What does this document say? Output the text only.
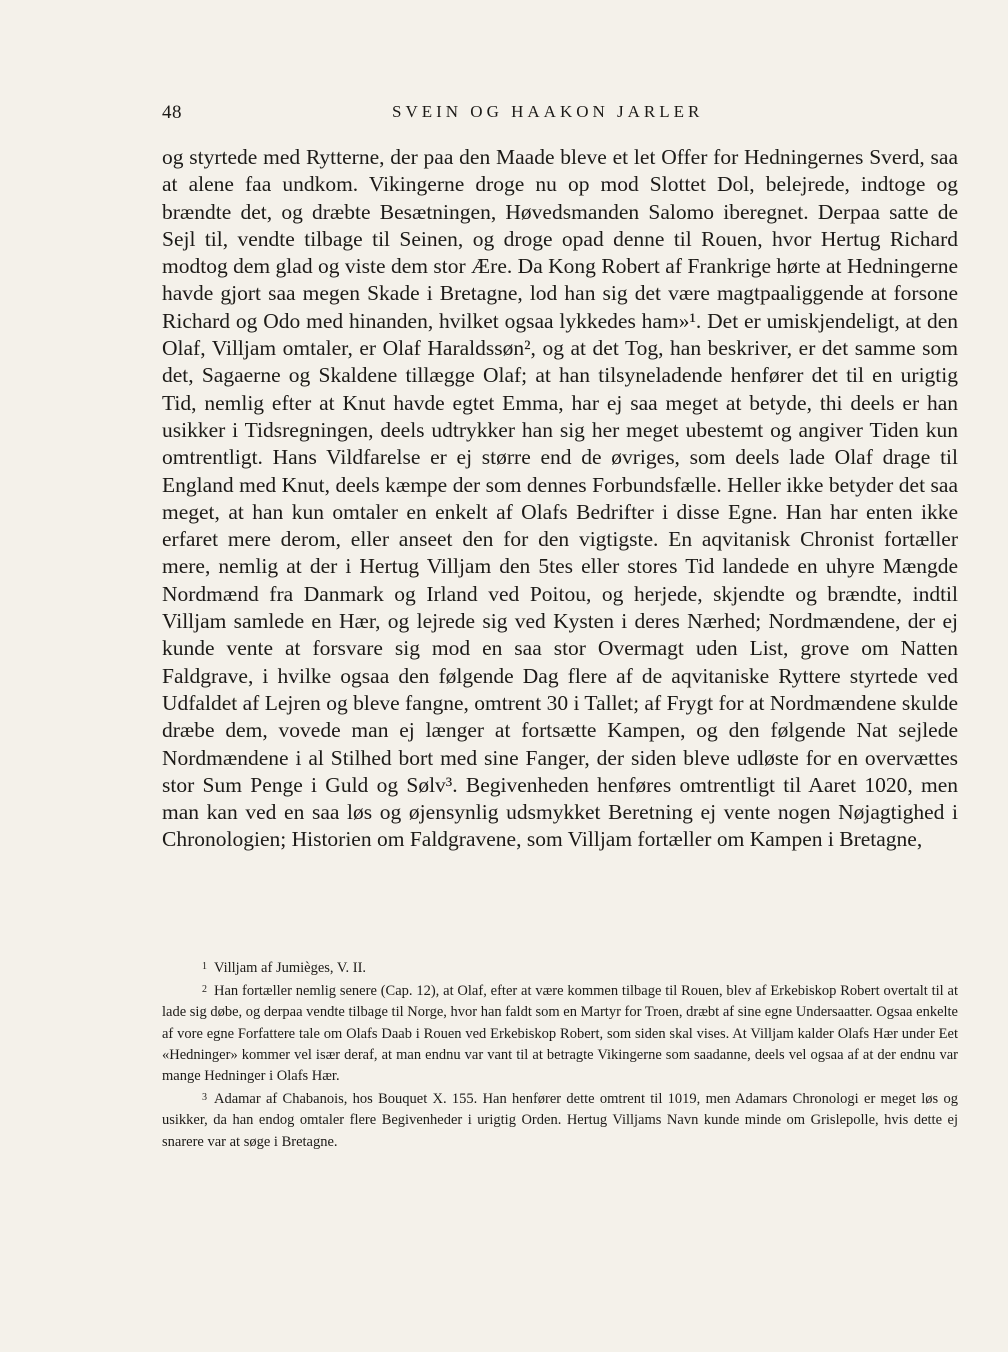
48	SVEIN OG HAAKON JARLER

og styrtede med Rytterne, der paa den Maade bleve et let Offer for Hedningernes Sverd, saa at alene faa undkom. Vikingerne droge nu op mod Slottet Dol, belejrede, indtoge og brændte det, og dræbte Besætningen, Høvedsmanden Salomo iberegnet. Derpaa satte de Sejl til, vendte tilbage til Seinen, og droge opad denne til Rouen, hvor Hertug Richard modtog dem glad og viste dem stor Ære. Da Kong Robert af Frankrige hørte at Hedningerne havde gjort saa megen Skade i Bretagne, lod han sig det være magtpaaliggende at forsone Richard og Odo med hinanden, hvilket ogsaa lykkedes ham»¹. Det er umiskjendeligt, at den Olaf, Villjam omtaler, er Olaf Haraldssøn², og at det Tog, han beskriver, er det samme som det, Sagaerne og Skaldene tillægge Olaf; at han tilsyneladende henfører det til en urigtig Tid, nemlig efter at Knut havde egtet Emma, har ej saa meget at betyde, thi deels er han usikker i Tidsregningen, deels udtrykker han sig her meget ubestemt og angiver Tiden kun omtrentligt. Hans Vildfarelse er ej større end de øvriges, som deels lade Olaf drage til England med Knut, deels kæmpe der som dennes Forbundsfælle. Heller ikke betyder det saa meget, at han kun omtaler en enkelt af Olafs Bedrifter i disse Egne. Han har enten ikke erfaret mere derom, eller anseet den for den vigtigste. En aqvitanisk Chronist fortæller mere, nemlig at der i Hertug Villjam den 5tes eller stores Tid landede en uhyre Mængde Nordmænd fra Danmark og Irland ved Poitou, og herjede, skjendte og brændte, indtil Villjam samlede en Hær, og lejrede sig ved Kysten i deres Nærhed; Nordmændene, der ej kunde vente at forsvare sig mod en saa stor Overmagt uden List, grove om Natten Faldgrave, i hvilke ogsaa den følgende Dag flere af de aqvitaniske Ryttere styrtede ved Udfaldet af Lejren og bleve fangne, omtrent 30 i Tallet; af Frygt for at Nordmændene skulde dræbe dem, vovede man ej længer at fortsætte Kampen, og den følgende Nat sejlede Nordmændene i al Stilhed bort med sine Fanger, der siden bleve udløste for en overvættes stor Sum Penge i Guld og Sølv³. Begivenheden henføres omtrentligt til Aaret 1020, men man kan ved en saa løs og øjensynlig udsmykket Beretning ej vente nogen Nøjagtighed i Chronologien; Historien om Faldgravene, som Villjam fortæller om Kampen i Bretagne,

$^1$ Villjam af Jumièges, V. II.

$^2$ Han fortæller nemlig senere (Cap. 12), at Olaf, efter at være kommen tilbage til Rouen, blev af Erkebiskop Robert overtalt til at lade sig døbe, og derpaa vendte tilbage til Norge, hvor han faldt som en Martyr for Troen, dræbt af sine egne Undersaatter. Ogsaa enkelte af vore egne Forfattere tale om Olafs Daab i Rouen ved Erkebiskop Robert, som siden skal vises. At Villjam kalder Olafs Hær under Eet «Hedninger» kommer vel især deraf, at man endnu var vant til at betragte Vikingerne som saadanne, deels vel ogsaa af at der endnu var mange Hedninger i Olafs Hær.

$^3$ Adamar af Chabanois, hos Bouquet X. 155. Han henfører dette omtrent til 1019, men Adamars Chronologi er meget løs og usikker, da han endog omtaler flere Begivenheder i urigtig Orden. Hertug Villjams Navn kunde minde om Grislepolle, hvis dette ej snarere var at søge i Bretagne.
